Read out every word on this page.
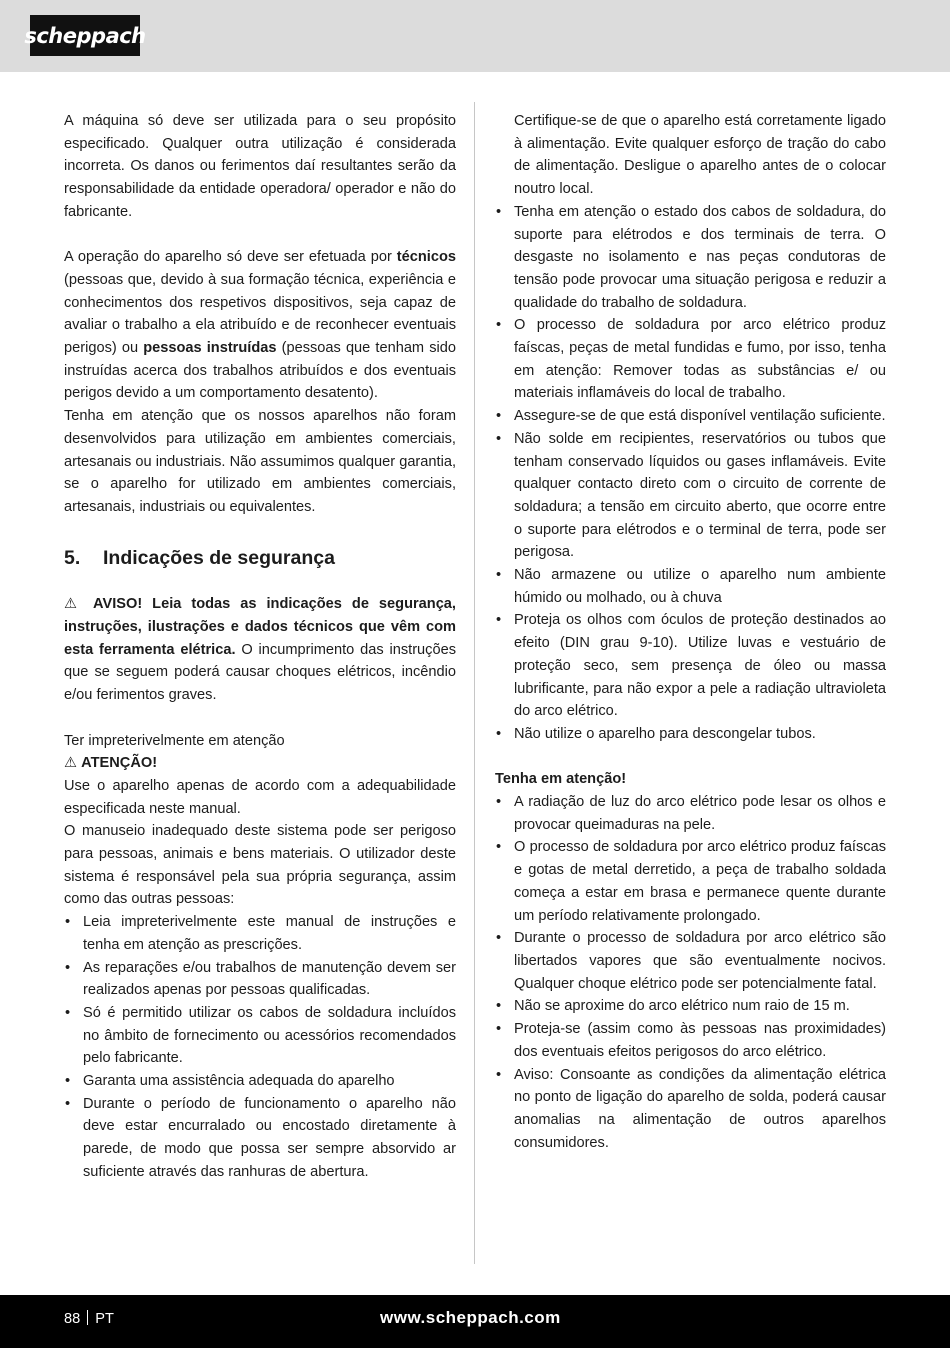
scheppach

A máquina só deve ser utilizada para o seu propósito especificado. Qualquer outra utilização é considerada incorreta. Os danos ou ferimentos daí resultantes serão da responsabilidade da entidade operadora/ operador e não do fabricante.

A operação do aparelho só deve ser efetuada por técnicos (pessoas que, devido à sua formação técnica, experiência e conhecimentos dos respetivos dispositivos, seja capaz de avaliar o trabalho a ela atribuído e de reconhecer eventuais perigos) ou pessoas instruídas (pessoas que tenham sido instruídas acerca dos trabalhos atribuídos e dos eventuais perigos devido a um comportamento desatento).

Tenha em atenção que os nossos aparelhos não foram desenvolvidos para utilização em ambientes comerciais, artesanais ou industriais. Não assumimos qualquer garantia, se o aparelho for utilizado em ambientes comerciais, artesanais, industriais ou equivalentes.

5.	Indicações de segurança

⚠ AVISO! Leia todas as indicações de segurança, instruções, ilustrações e dados técnicos que vêm com esta ferramenta elétrica. O incumprimento das instruções que se seguem poderá causar choques elétricos, incêndio e/ou ferimentos graves.

Ter impreterivelmente em atenção

⚠ ATENÇÃO!

Use o aparelho apenas de acordo com a adequabilidade especificada neste manual.

O manuseio inadequado deste sistema pode ser perigoso para pessoas, animais e bens materiais. O utilizador deste sistema é responsável pela sua própria segurança, assim como das outras pessoas:

• Leia impreterivelmente este manual de instruções e tenha em atenção as prescrições.
• As reparações e/ou trabalhos de manutenção devem ser realizados apenas por pessoas qualificadas.
• Só é permitido utilizar os cabos de soldadura incluídos no âmbito de fornecimento ou acessórios recomendados pelo fabricante.
• Garanta uma assistência adequada do aparelho
• Durante o período de funcionamento o aparelho não deve estar encurralado ou encostado diretamente à parede, de modo que possa ser sempre absorvido ar suficiente através das ranhuras de abertura.
Certifique-se de que o aparelho está corretamente ligado à alimentação. Evite qualquer esforço de tração do cabo de alimentação. Desligue o aparelho antes de o colocar noutro local.
• Tenha em atenção o estado dos cabos de soldadura, do suporte para elétrodos e dos terminais de terra. O desgaste no isolamento e nas peças condutoras de tensão pode provocar uma situação perigosa e reduzir a qualidade do trabalho de soldadura.
• O processo de soldadura por arco elétrico produz faíscas, peças de metal fundidas e fumo, por isso, tenha em atenção: Remover todas as substâncias e/ ou materiais inflamáveis do local de trabalho.
• Assegure-se de que está disponível ventilação suficiente.
• Não solde em recipientes, reservatórios ou tubos que tenham conservado líquidos ou gases inflamáveis. Evite qualquer contacto direto com o circuito de corrente de soldadura; a tensão em circuito aberto, que ocorre entre o suporte para elétrodos e o terminal de terra, pode ser perigosa.
• Não armazene ou utilize o aparelho num ambiente húmido ou molhado, ou à chuva
• Proteja os olhos com óculos de proteção destinados ao efeito (DIN grau 9-10). Utilize luvas e vestuário de proteção seco, sem presença de óleo ou massa lubrificante, para não expor a pele a radiação ultravioleta do arco elétrico.
• Não utilize o aparelho para descongelar tubos.

Tenha em atenção!

• A radiação de luz do arco elétrico pode lesar os olhos e provocar queimaduras na pele.
• O processo de soldadura por arco elétrico produz faíscas e gotas de metal derretido, a peça de trabalho soldada começa a estar em brasa e permanece quente durante um período relativamente prolongado.
• Durante o processo de soldadura por arco elétrico são libertados vapores que são eventualmente nocivos. Qualquer choque elétrico pode ser potencialmente fatal.
• Não se aproxime do arco elétrico num raio de 15 m.
• Proteja-se (assim como às pessoas nas proximidades) dos eventuais efeitos perigosos do arco elétrico.
• Aviso: Consoante as condições da alimentação elétrica no ponto de ligação do aparelho de solda, poderá causar anomalias na alimentação de outros aparelhos consumidores.
88 PT	www.scheppach.com
